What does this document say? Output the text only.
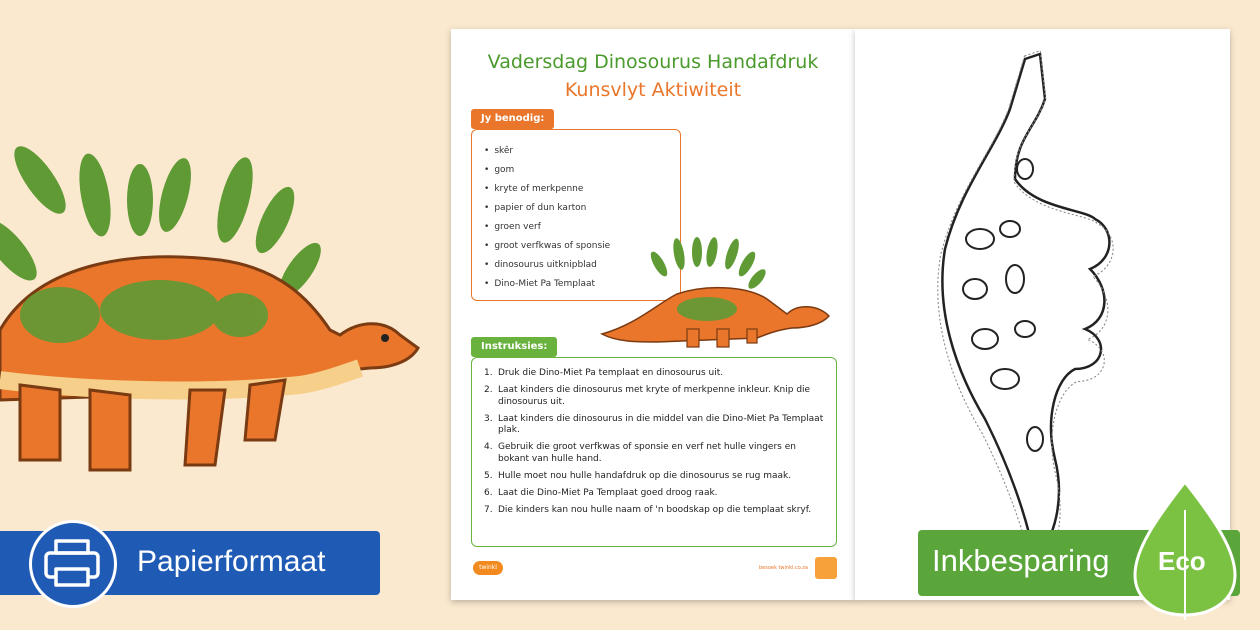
Vadersdag Dinosourus Handafdruk
Kunsvlyt Aktiwiteit
Jy benodig:
• skêr
• gom
• kryte of merkpenne
• papier of dun karton
• groen verf
• groot verfkwas of sponsie
• dinosourus uitknipblad
• Dino-Miet Pa Templaat
Instruksies:
1. Druk die Dino-Miet Pa templaat en dinosourus uit.
2. Laat kinders die dinosourus met kryte of merkpenne inkleur. Knip die dinosourus uit.
3. Laat kinders die dinosourus in die middel van die Dino-Miet Pa Templaat plak.
4. Gebruik die groot verfkwas of sponsie en verf net hulle vingers en bokant van hulle hand.
5. Hulle moet nou hulle handafdruk op die dinosourus se rug maak.
6. Laat die Dino-Miet Pa Templaat goed droog raak.
7. Die kinders kan nou hulle naam of 'n boodskap op die templaat skryf.
twinkl	besoek twinkl.co.za
Papierformaat	Inkbesparing Eco
